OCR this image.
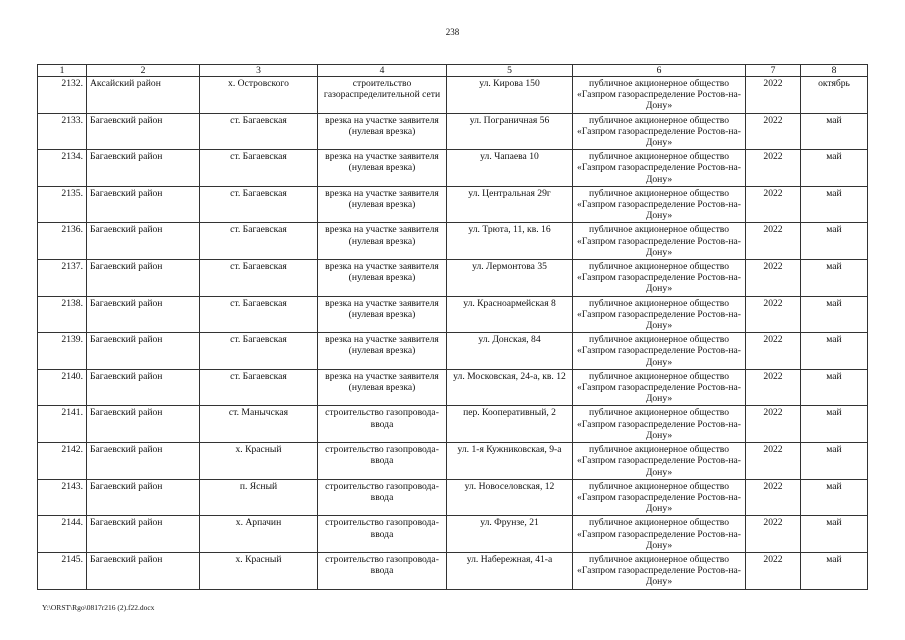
238
1	2	3	4	5	6	7	8
2132.	Аксайский район	х. Островского	строительство газораспределительной сети	ул. Кирова 150	публичное акционерное общество «Газпром газораспределение Ростов-на-Дону»	2022	октябрь
2133.	Багаевский район	ст. Багаевская	врезка на участке заявителя (нулевая врезка)	ул. Пограничная 56	публичное акционерное общество «Газпром газораспределение Ростов-на-Дону»	2022	май
2134.	Багаевский район	ст. Багаевская	врезка на участке заявителя (нулевая врезка)	ул. Чапаева 10	публичное акционерное общество «Газпром газораспределение Ростов-на-Дону»	2022	май
2135.	Багаевский район	ст. Багаевская	врезка на участке заявителя (нулевая врезка)	ул. Центральная 29г	публичное акционерное общество «Газпром газораспределение Ростов-на-Дону»	2022	май
2136.	Багаевский район	ст. Багаевская	врезка на участке заявителя (нулевая врезка)	ул. Трюта, 11, кв. 16	публичное акционерное общество «Газпром газораспределение Ростов-на-Дону»	2022	май
2137.	Багаевский район	ст. Багаевская	врезка на участке заявителя (нулевая врезка)	ул. Лермонтова 35	публичное акционерное общество «Газпром газораспределение Ростов-на-Дону»	2022	май
2138.	Багаевский район	ст. Багаевская	врезка на участке заявителя (нулевая врезка)	ул. Красноармейская 8	публичное акционерное общество «Газпром газораспределение Ростов-на-Дону»	2022	май
2139.	Багаевский район	ст. Багаевская	врезка на участке заявителя (нулевая врезка)	ул. Донская, 84	публичное акционерное общество «Газпром газораспределение Ростов-на-Дону»	2022	май
2140.	Багаевский район	ст. Багаевская	врезка на участке заявителя (нулевая врезка)	ул. Московская, 24-а, кв. 12	публичное акционерное общество «Газпром газораспределение Ростов-на-Дону»	2022	май
2141.	Багаевский район	ст. Манычская	строительство газопровода-ввода	пер. Кооперативный, 2	публичное акционерное общество «Газпром газораспределение Ростов-на-Дону»	2022	май
2142.	Багаевский район	х. Красный	строительство газопровода-ввода	ул. 1-я Кужниковская, 9-а	публичное акционерное общество «Газпром газораспределение Ростов-на-Дону»	2022	май
2143.	Багаевский район	п. Ясный	строительство газопровода-ввода	ул. Новоселовская, 12	публичное акционерное общество «Газпром газораспределение Ростов-на-Дону»	2022	май
2144.	Багаевский район	х. Арпачин	строительство газопровода-ввода	ул. Фрунзе, 21	публичное акционерное общество «Газпром газораспределение Ростов-на-Дону»	2022	май
2145.	Багаевский район	х. Красный	строительство газопровода-ввода	ул. Набережная, 41-а	публичное акционерное общество «Газпром газораспределение Ростов-на-Дону»	2022	май
Y:\ORST\Rgo\0817r216 (2).f22.docx
